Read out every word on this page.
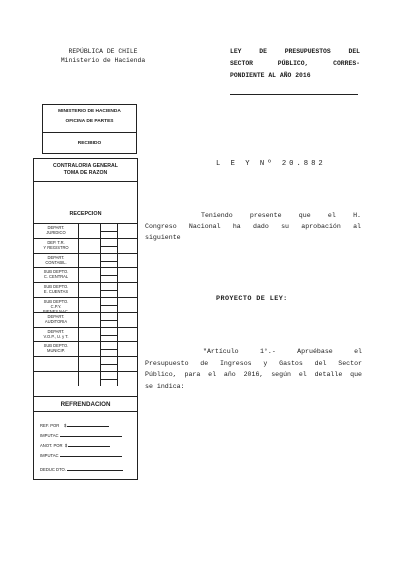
REPÚBLICA DE CHILE
Ministerio de Hacienda
LEY DE PRESUPUESTOS DEL
SECTOR PÚBLICO, CORRES-
PONDIENTE AL AÑO 2016
MINISTERIO DE HACIENDA
OFICINA DE PARTES
RECIBIDO
CONTRALORIA GENERAL
TOMA DE RAZON
RECEPCION
DEPART.
JURIDICO
DEP. T.R.
Y REGISTRO
DEPART.
CONTABIL.
SUB DEPTO.
C. CENTRAL
SUB DEPTO.
E. CUENTAS
SUB DEPTO.
C.P.Y.
BIENES NAC.
DEPART.
AUDITORIA
DEPART.
V.O.P., U. y T.
SUB DEPTO.
MUNICIP.
REFRENDACION
REF. POR $
IMPUTAC
ANOT. POR $
IMPUTAC
DEDUC DTO.
L E Y Nº 20.882
Teniendo presente que el H.
Congreso Nacional ha dado su aprobación al
siguiente
PROYECTO DE LEY:
"Artículo 1°.- Apruébase el
Presupuesto de Ingresos y Gastos del Sector
Público, para el año 2016, según el detalle que
se indica:
